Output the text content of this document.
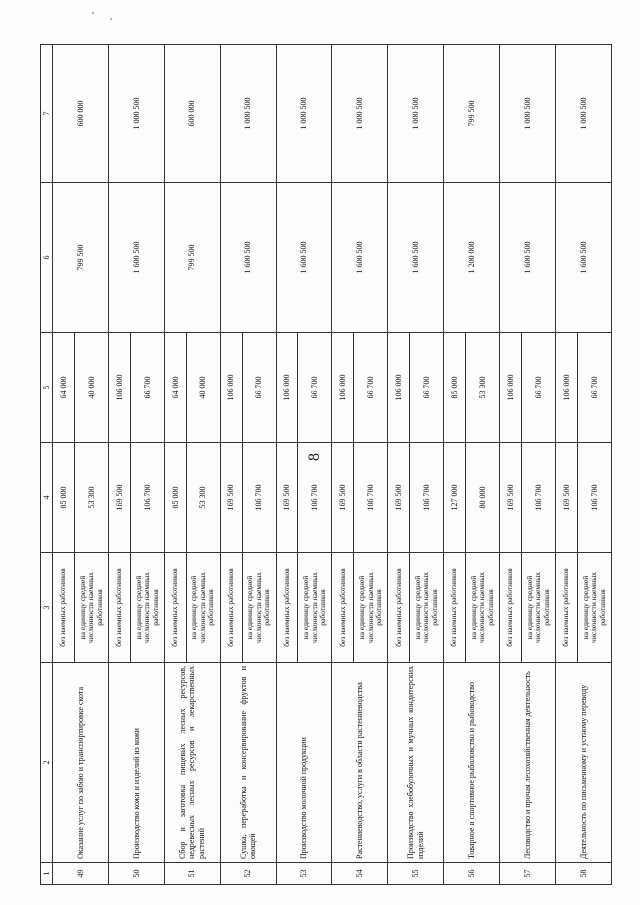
8
1	2	3	4	5	6	7
49	Оказание услуг по забою и транспортировке скота	без наемных работников	85 000	64 000	799 500	600 000
		на единицу средней численности наемных работников	53 300	40 000		
50	Производство кожи и изделий из кожи	без наемных работников	169 500	106 000	1 600 500	1 000 500
		на единицу средней численности наемных работников	106 700	66 700		
51	Сбор и заготовка пищевых лесных ресурсов, недревесных лесных ресурсов и лекарственных растений	без наемных работников	85 000	64 000	799 500	600 000
		на единицу средней численности наемных работников	53 300	40 000		
52	Сушка, переработка и консервирование фруктов и овощей	без наемных работников	169 500	106 000	1 600 500	1 000 500
		на единицу средней численности наемных работников	106 700	66 700		
53	Производство молочной продукции	без наемных работников	169 500	106 000	1 600 500	1 000 500
		на единицу средней численности наемных работников	106 700	66 700		
54	Растениеводство, услуги в области растениеводства	без наемных работников	169 500	106 000	1 600 500	1 000 500
		на единицу средней численности наемных работников	106 700	66 700		
55	Производство хлебобулочных и мучных кондитерских изделий	без наемных работников	169 500	106 000	1 600 500	1 000 500
		на единицу средней численности наемных работников	106 700	66 700		
56	Товарное и спортивное рыболовство и рыбоводство	без наемных работников	127 000	85 000	1 200 000	799 500
		на единицу средней численности наемных работников	80 000	53 300		
57	Лесоводство и прочая лесохозяйственная деятельность	без наемных работников	169 500	106 000	1 600 500	1 000 500
		на единицу средней численности наемных работников	106 700	66 700		
58	Деятельность по письменному и устному переводу	без наемных работников	169 500	106 000	1 600 500	1 000 500
		на единицу средней численности наемных работников	106 700	66 700		
